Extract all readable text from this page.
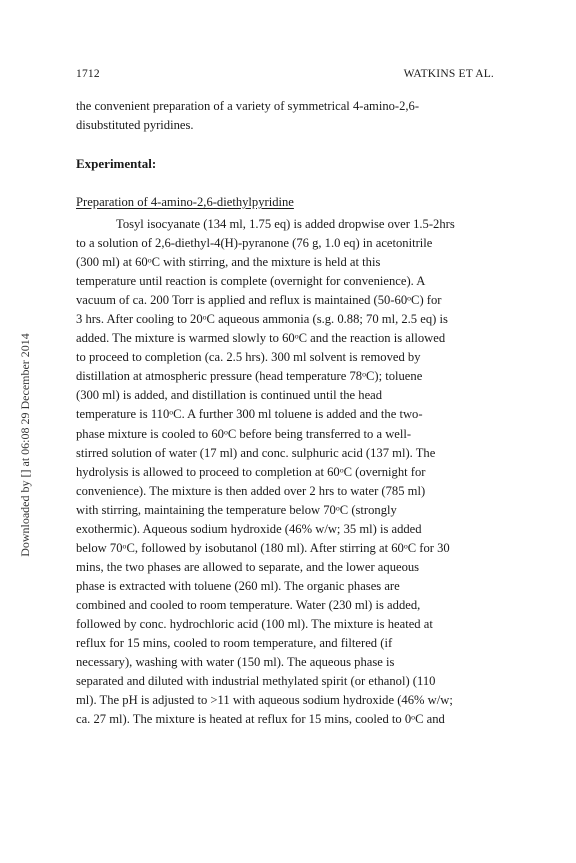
Downloaded by [] at 06:08 29 December 2014
1712	WATKINS ET AL.
the convenient preparation of a variety of symmetrical 4-amino-2,6-
disubstituted pyridines.
Experimental:
Preparation of 4-amino-2,6-diethylpyridine
Tosyl isocyanate (134 ml, 1.75 eq) is added dropwise over 1.5-2hrs
to a solution of 2,6-diethyl-4(H)-pyranone (76 g, 1.0 eq) in acetonitrile
(300 ml) at 60$^o$C with stirring, and the mixture is held at this
temperature until reaction is complete (overnight for convenience). A
vacuum of ca. 200 Torr is applied and reflux is maintained (50-60$^o$C) for
3 hrs. After cooling to 20$^o$C aqueous ammonia (s.g. 0.88; 70 ml, 2.5 eq) is
added. The mixture is warmed slowly to 60$^o$C and the reaction is allowed
to proceed to completion (ca. 2.5 hrs). 300 ml solvent is removed by
distillation at atmospheric pressure (head temperature 78$^o$C); toluene
(300 ml) is added, and distillation is continued until the head
temperature is 110$^o$C. A further 300 ml toluene is added and the two-
phase mixture is cooled to 60$^o$C before being transferred to a well-
stirred solution of water (17 ml) and conc. sulphuric acid (137 ml). The
hydrolysis is allowed to proceed to completion at 60$^o$C (overnight for
convenience). The mixture is then added over 2 hrs to water (785 ml)
with stirring, maintaining the temperature below 70$^o$C (strongly
exothermic). Aqueous sodium hydroxide (46% w/w; 35 ml) is added
below 70$^o$C, followed by isobutanol (180 ml). After stirring at 60$^o$C for 30
mins, the two phases are allowed to separate, and the lower aqueous
phase is extracted with toluene (260 ml). The organic phases are
combined and cooled to room temperature. Water (230 ml) is added,
followed by conc. hydrochloric acid (100 ml). The mixture is heated at
reflux for 15 mins, cooled to room temperature, and filtered (if
necessary), washing with water (150 ml). The aqueous phase is
separated and diluted with industrial methylated spirit (or ethanol) (110
ml). The pH is adjusted to >11 with aqueous sodium hydroxide (46% w/w;
ca. 27 ml). The mixture is heated at reflux for 15 mins, cooled to 0$^o$C and
